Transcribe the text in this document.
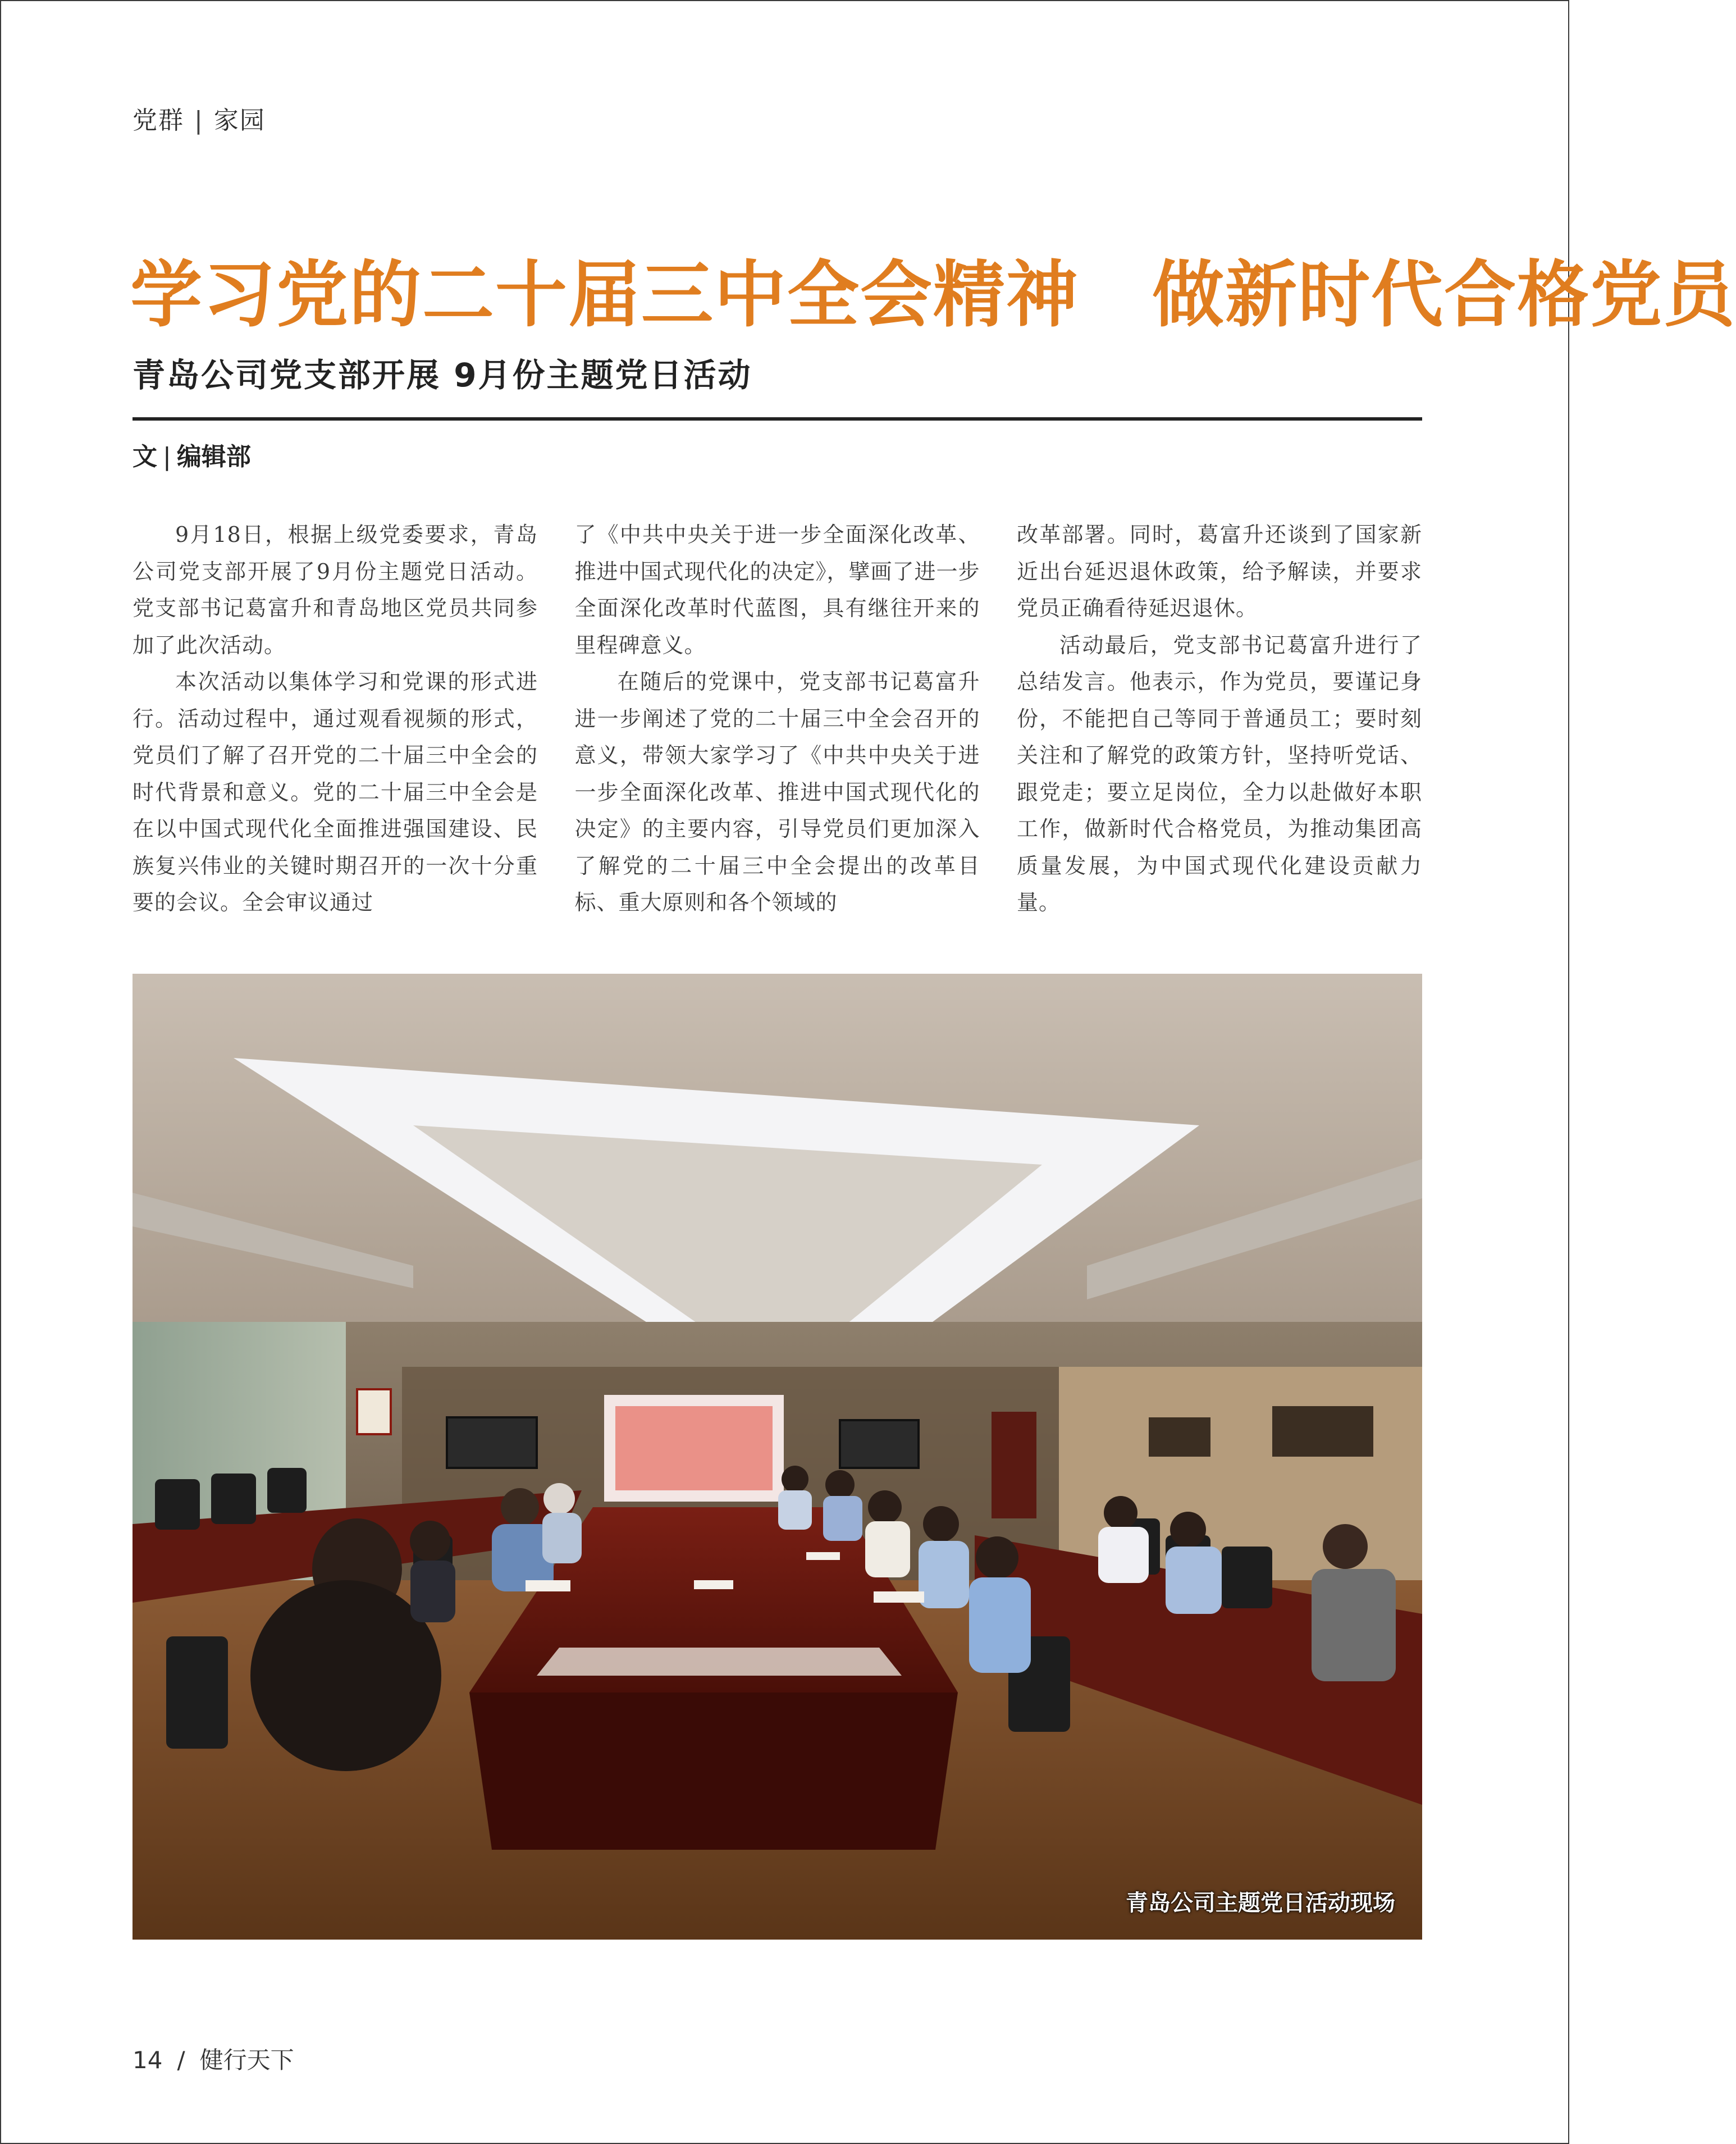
党群 | 家园
学习党的二十届三中全会精神　做新时代合格党员
青岛公司党支部开展 9月份主题党日活动
文 | 编辑部

9月18日，根据上级党委要求，青岛公司党支部开展了9月份主题党日活动。党支部书记葛富升和青岛地区党员共同参加了此次活动。

本次活动以集体学习和党课的形式进行。活动过程中，通过观看视频的形式，党员们了解了召开党的二十届三中全会的时代背景和意义。党的二十届三中全会是在以中国式现代化全面推进强国建设、民族复兴伟业的关键时期召开的一次十分重要的会议。全会审议通过

了《中共中央关于进一步全面深化改革、推进中国式现代化的决定》，擘画了进一步全面深化改革时代蓝图，具有继往开来的里程碑意义。

在随后的党课中，党支部书记葛富升进一步阐述了党的二十届三中全会召开的意义，带领大家学习了《中共中央关于进一步全面深化改革、推进中国式现代化的决定》的主要内容，引导党员们更加深入了解党的二十届三中全会提出的改革目标、重大原则和各个领域的

改革部署。同时，葛富升还谈到了国家新近出台延迟退休政策，给予解读，并要求党员正确看待延迟退休。

活动最后，党支部书记葛富升进行了总结发言。他表示，作为党员，要谨记身份，不能把自己等同于普通员工；要时刻关注和了解党的政策方针，坚持听党话、跟党走；要立足岗位，全力以赴做好本职工作，做新时代合格党员，为推动集团高质量发展，为中国式现代化建设贡献力量。

青岛公司主题党日活动现场
14 / 健行天下
